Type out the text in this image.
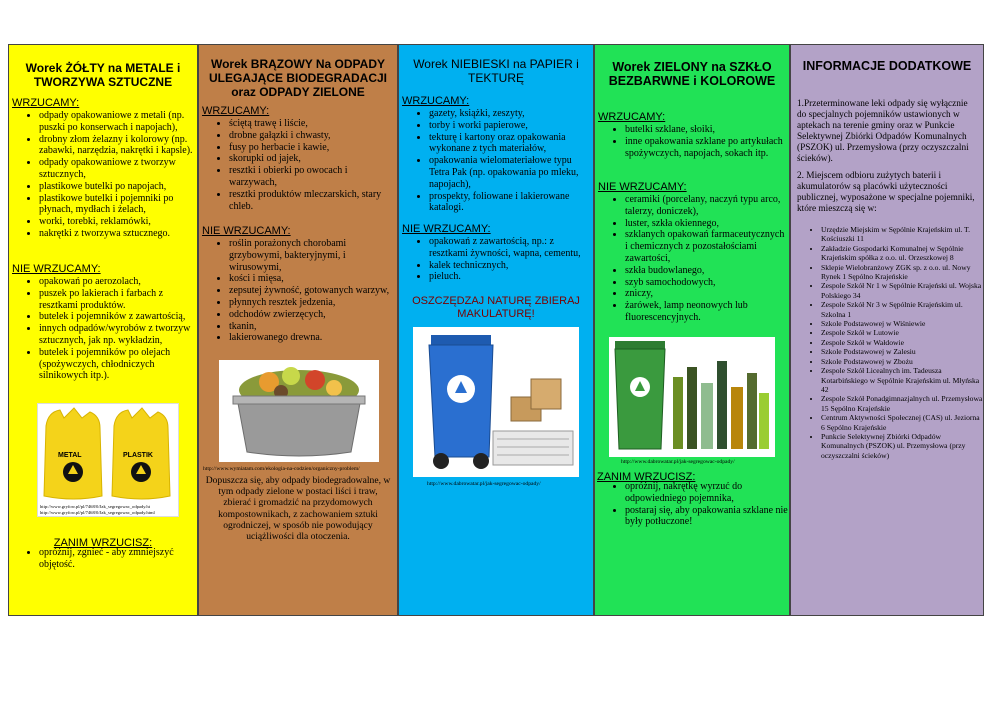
Worek ŻÓŁTY na METALE i TWORZYWA SZTUCZNE
WRZUCAMY:
• odpady opakowaniowe z metali (np. puszki po konserwach i napojach),
• drobny złom żelazny i kolorowy (np. zabawki, narzędzia, nakrętki i kapsle).
• odpady opakowaniowe z tworzyw sztucznych,
• plastikowe butelki po napojach,
• plastikowe butelki i pojemniki po płynach, mydłach i żelach,
• worki, torebki, reklamówki,
• nakrętki z tworzywa sztucznego.
NIE WRZUCAMY:
• opakowań po aerozolach,
• puszek po lakierach i farbach z resztkami produktów.
• butelek i pojemników z zawartością,
• innych odpadów/wyrobów z tworzyw sztucznych, jak np. wykładzin,
• butelek i pojemników po olejach (spożywczych, chłodniczych silnikowych itp.).
METAL	PLASTIK
http://www.gryfow.pl/pl/7468/0/Jak_segregowac_odpady.ht
http://www.gryfow.pl/pl/7468/0/Jak_segregowac_odpady.html
ZANIM WRZUCISZ:
• opróżnij, zgnieć - aby zmniejszyć objętość.
Worek BRĄZOWY Na ODPADY ULEGAJĄCE BIODEGRADACJI oraz ODPADY ZIELONE
WRZUCAMY:
• ściętą trawę i liście,
• drobne gałązki i chwasty,
• fusy po herbacie i kawie,
• skorupki od jajek,
• resztki i obierki po owocach i warzywach,
• resztki produktów mleczarskich, stary chleb.
NIE WRZUCAMY:
• roślin porażonych chorobami grzybowymi, bakteryjnymi, i wirusowymi,
• kości i mięsa,
• zepsutej żywność, gotowanych warzyw,
• płynnych resztek jedzenia,
• odchodów zwierzęcych,
• tkanin,
• lakierowanego drewna.
http://www.wymiatam.com/ekologia-na-codzien/organiczny-problem/
Dopuszcza się, aby odpady biodegradowalne, w tym odpady zielone w postaci liści i traw, zbierać i gromadzić na przydomowych kompostownikach, z zachowaniem sztuki ogrodniczej, w sposób nie powodujący uciążliwości dla otoczenia.
Worek NIEBIESKI na PAPIER i TEKTURĘ
WRZUCAMY:
• gazety, książki, zeszyty,
• torby i worki papierowe,
• tekturę i kartony oraz opakowania wykonane z tych materiałów,
• opakowania wielomateriałowe typu Tetra Pak (np. opakowania po mleku, napojach),
• prospekty, foliowane i lakierowane katalogi.
NIE WRZUCAMY:
• opakowań z zawartością, np.: z resztkami żywności, wapna, cementu,
• kalek technicznych,
• pieluch.
OSZCZĘDZAJ NATURĘ ZBIERAJ MAKULATURĘ!
http://www.dabrowatar.pl/jak-segregowac-odpady/
Worek ZIELONY na SZKŁO BEZBARWNE i KOLOROWE
WRZUCAMY:
• butelki szklane, słoiki,
• inne opakowania szklane po artykułach spożywczych, napojach, sokach itp.
NIE WRZUCAMY:
• ceramiki (porcelany, naczyń typu arco, talerzy, doniczek),
• luster, szkła okiennego,
• szklanych opakowań farmaceutycznych i chemicznych z pozostałościami zawartości,
• szkła budowlanego,
• szyb samochodowych,
• zniczy,
• żarówek, lamp neonowych lub fluorescencyjnych.
http://www.dabrowatar.pl/jak-segregowac-odpady/
ZANIM WRZUCISZ:
• opróżnij, nakrętkę wyrzuć do odpowiedniego pojemnika,
• postaraj się, aby opakowania szklane nie były potłuczone!
INFORMACJE DODATKOWE

1.Przeterminowane leki odpady się wyłącznie do specjalnych pojemników ustawionych w aptekach na terenie gminy oraz w Punkcie Selektywnej Zbiórki Odpadów Komunalnych (PSZOK) ul. Przemysłowa (przy oczyszczalni ścieków).

2. Miejscem odbioru zużytych baterii i akumulatorów są placówki użyteczności publicznej, wyposażone w specjalne pojemniki, które mieszczą się w:

• Urzędzie Miejskim w Sępólnie Krajeńskim ul. T. Kościuszki 11
• Zakładzie Gospodarki Komunalnej w Sępólnie Krajeńskim spółka z o.o. ul. Orzeszkowej 8
• Sklepie Wielobranżowy ZGK sp. z o.o. ul. Nowy Rynek 1 Sępólno Krajeńskie
• Zespole Szkół Nr 1 w Sępólnie Krajeński ul. Wojska Polskiego 34
• Zespole Szkół Nr 3 w Sępólnie Krajeńskim ul. Szkolna 1
• Szkole Podstawowej w Wiśniewie
• Zespole Szkół w Lutowie
• Zespole Szkół w Wałdowie
• Szkole Podstawowej w Zalesiu
• Szkole Podstawowej w Zbożu
• Zespole Szkół Licealnych im. Tadeusza Kotarbińskiego w Sępólnie Krajeńskim ul. Młyńska 42
• Zespole Szkół Ponadgimnazjalnych ul. Przemysłowa 15 Sępólno Krajeńskie
• Centrum Aktywności Społecznej (CAS) ul. Jeziorna 6 Sępólno Krajeńskie
• Punkcie Selektywnej Zbiórki Odpadów Komunalnych (PSZOK) ul. Przemysłowa (przy oczyszczalni ścieków)
